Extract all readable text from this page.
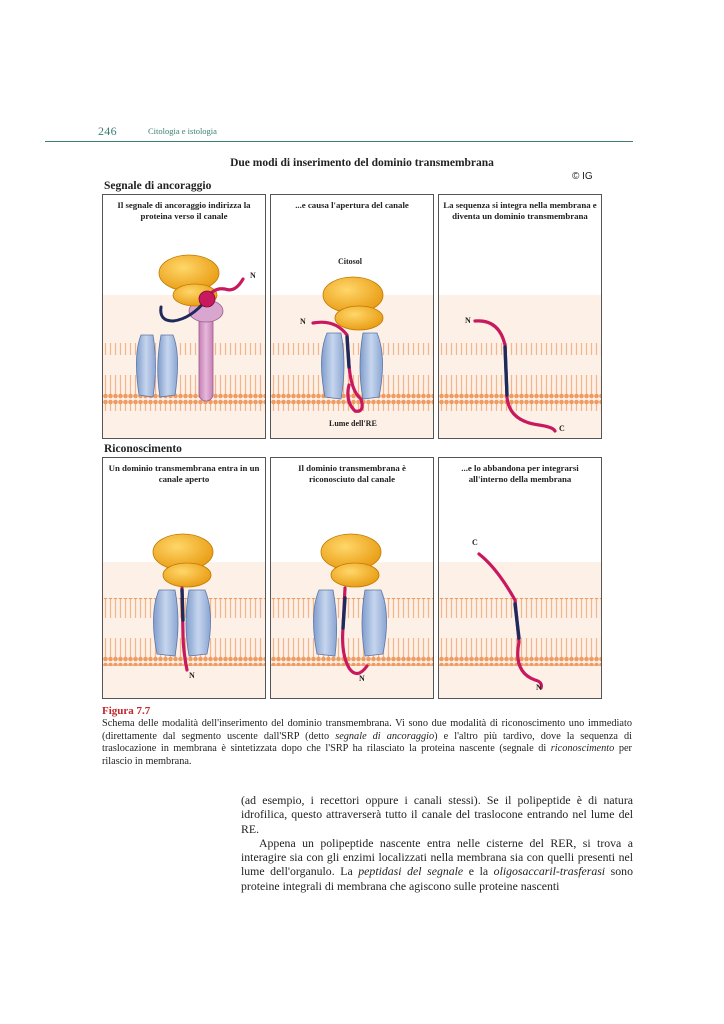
246	Citologia e istologia
Due modi di inserimento del dominio transmembrana
© IG
Segnale di ancoraggio
Riconoscimento
Il segnale di ancoraggio indirizza la proteina verso il canale
N
...e causa l'apertura del canale
Citosol
N
Lume dell'RE
La sequenza si integra nella membrana e diventa un dominio transmembrana
N
C
Un dominio transmembrana entra in un canale aperto
N
Il dominio transmembrana è riconosciuto dal canale
N
...e lo abbandona per integrarsi all'interno della membrana
C
N
Figura 7.7
Schema delle modalità dell'inserimento del dominio transmembrana. Vi sono due modalità di riconoscimento uno immediato (direttamente dal segmento uscente dall'SRP (detto segnale di ancoraggio) e l'altro più tardivo, dove la sequenza di traslocazione in membrana è sintetizzata dopo che l'SRP ha rilasciato la proteina nascente (segnale di riconoscimento per rilascio in membrana.

(ad esempio, i recettori oppure i canali stessi). Se il polipeptide è di natura idrofilica, questo attraverserà tutto il canale del traslocone entrando nel lume del RE.

Appena un polipeptide nascente entra nelle cisterne del RER, si trova a interagire sia con gli enzimi localizzati nella membrana sia con quelli presenti nel lume dell'organulo. La peptidasi del segnale e la oligosaccaril-trasferasi sono proteine integrali di membrana che agiscono sulle proteine nascenti
